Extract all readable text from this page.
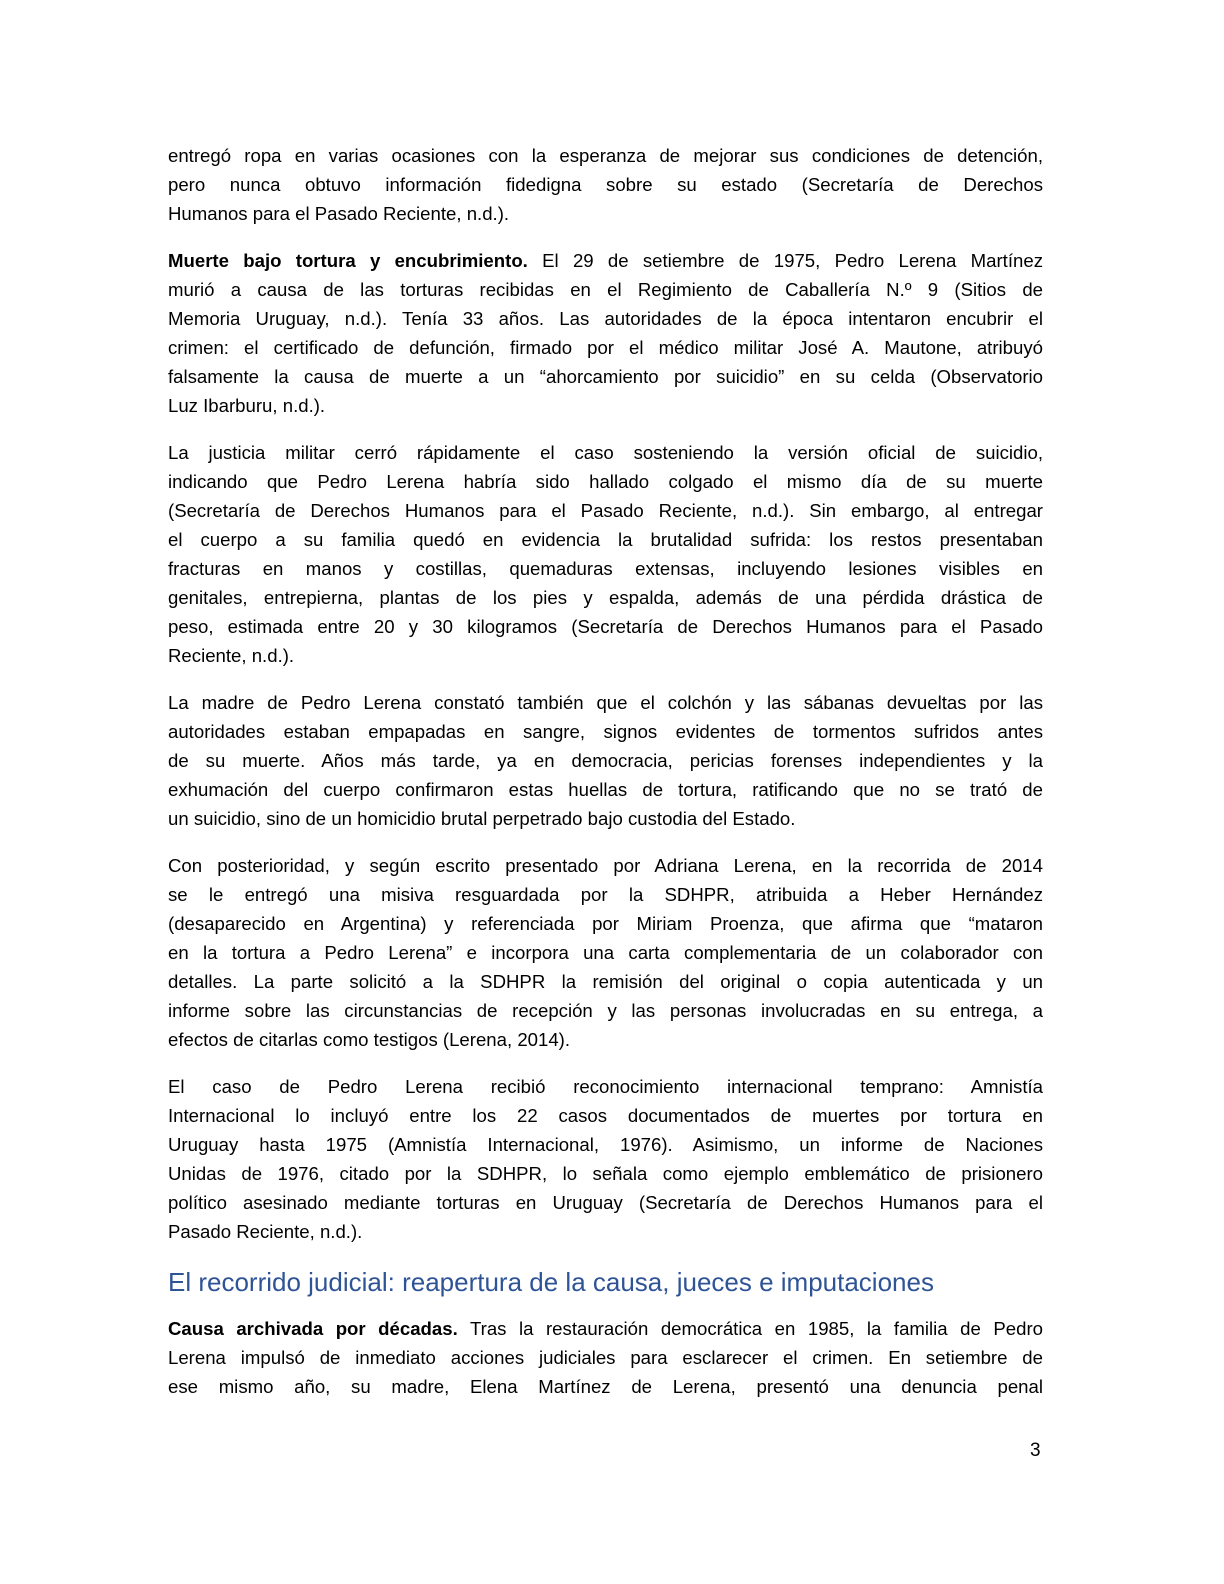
entregó ropa en varias ocasiones con la esperanza de mejorar sus condiciones de detención,
pero nunca obtuvo información fidedigna sobre su estado (Secretaría de Derechos
Humanos para el Pasado Reciente, n.d.).
Muerte bajo tortura y encubrimiento. El 29 de setiembre de 1975, Pedro Lerena Martínez
murió a causa de las torturas recibidas en el Regimiento de Caballería N.º 9 (Sitios de
Memoria Uruguay, n.d.). Tenía 33 años. Las autoridades de la época intentaron encubrir el
crimen: el certificado de defunción, firmado por el médico militar José A. Mautone, atribuyó
falsamente la causa de muerte a un “ahorcamiento por suicidio” en su celda (Observatorio
Luz Ibarburu, n.d.).
La justicia militar cerró rápidamente el caso sosteniendo la versión oficial de suicidio,
indicando que Pedro Lerena habría sido hallado colgado el mismo día de su muerte
(Secretaría de Derechos Humanos para el Pasado Reciente, n.d.). Sin embargo, al entregar
el cuerpo a su familia quedó en evidencia la brutalidad sufrida: los restos presentaban
fracturas en manos y costillas, quemaduras extensas, incluyendo lesiones visibles en
genitales, entrepierna, plantas de los pies y espalda, además de una pérdida drástica de
peso, estimada entre 20 y 30 kilogramos (Secretaría de Derechos Humanos para el Pasado
Reciente, n.d.).
La madre de Pedro Lerena constató también que el colchón y las sábanas devueltas por las
autoridades estaban empapadas en sangre, signos evidentes de tormentos sufridos antes
de su muerte. Años más tarde, ya en democracia, pericias forenses independientes y la
exhumación del cuerpo confirmaron estas huellas de tortura, ratificando que no se trató de
un suicidio, sino de un homicidio brutal perpetrado bajo custodia del Estado.
Con posterioridad, y según escrito presentado por Adriana Lerena, en la recorrida de 2014
se le entregó una misiva resguardada por la SDHPR, atribuida a Heber Hernández
(desaparecido en Argentina) y referenciada por Miriam Proenza, que afirma que “mataron
en la tortura a Pedro Lerena” e incorpora una carta complementaria de un colaborador con
detalles. La parte solicitó a la SDHPR la remisión del original o copia autenticada y un
informe sobre las circunstancias de recepción y las personas involucradas en su entrega, a
efectos de citarlas como testigos (Lerena, 2014).
El caso de Pedro Lerena recibió reconocimiento internacional temprano: Amnistía
Internacional lo incluyó entre los 22 casos documentados de muertes por tortura en
Uruguay hasta 1975 (Amnistía Internacional, 1976). Asimismo, un informe de Naciones
Unidas de 1976, citado por la SDHPR, lo señala como ejemplo emblemático de prisionero
político asesinado mediante torturas en Uruguay (Secretaría de Derechos Humanos para el
Pasado Reciente, n.d.).
El recorrido judicial: reapertura de la causa, jueces e imputaciones
Causa archivada por décadas. Tras la restauración democrática en 1985, la familia de Pedro
Lerena impulsó de inmediato acciones judiciales para esclarecer el crimen. En setiembre de
ese mismo año, su madre, Elena Martínez de Lerena, presentó una denuncia penal
3
